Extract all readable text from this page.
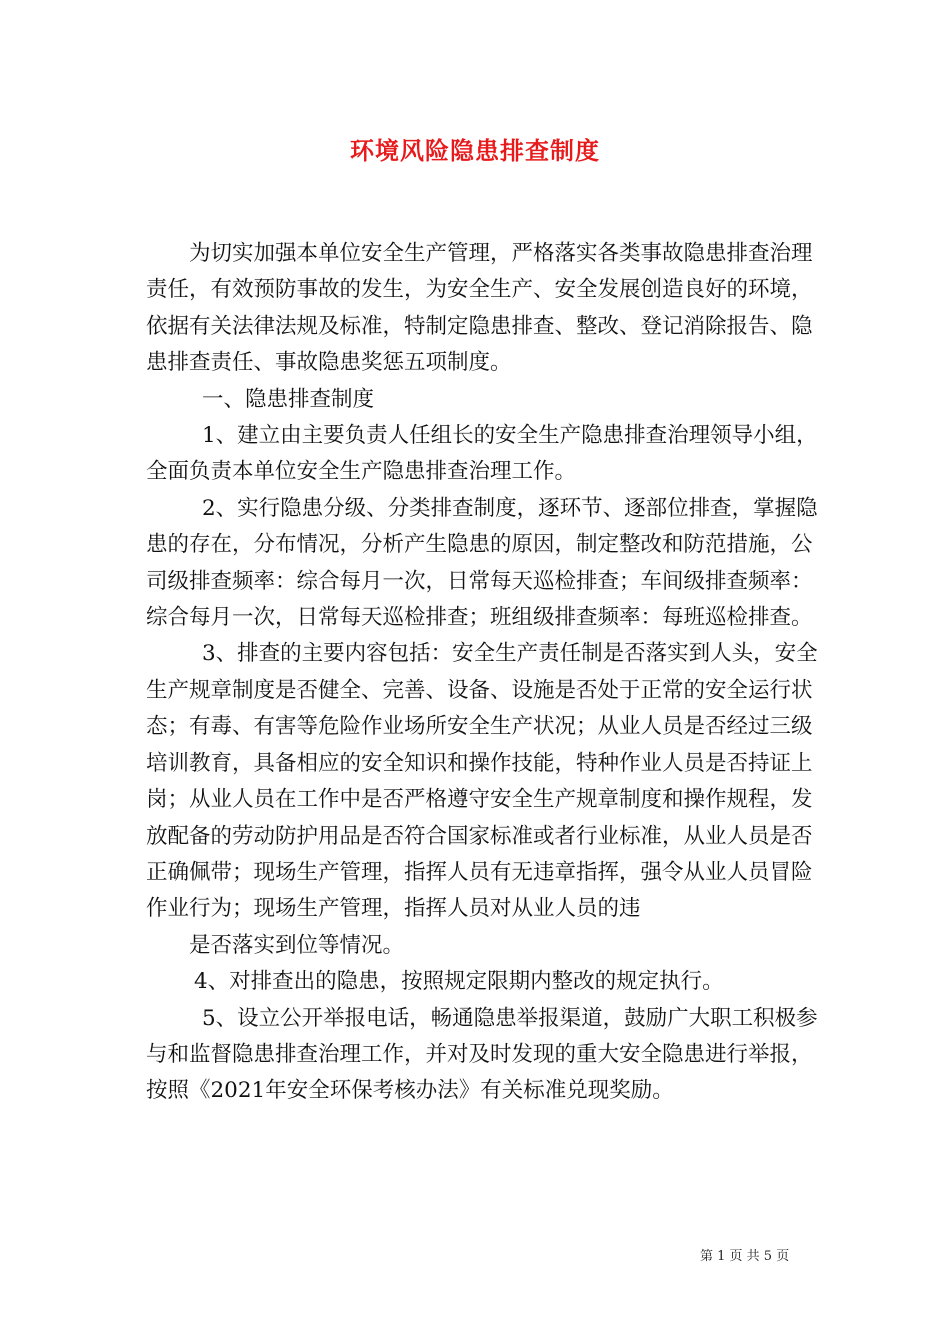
环境风险隐患排查制度

为切实加强本单位安全生产管理，严格落实各类事故隐患排查治理责任，有效预防事故的发生，为安全生产、安全发展创造良好的环境，依据有关法律法规及标准，特制定隐患排查、整改、登记消除报告、隐患排查责任、事故隐患奖惩五项制度。

一、隐患排查制度

1、建立由主要负责人任组长的安全生产隐患排查治理领导小组，全面负责本单位安全生产隐患排查治理工作。

2、实行隐患分级、分类排查制度，逐环节、逐部位排查，掌握隐患的存在，分布情况，分析产生隐患的原因，制定整改和防范措施，公司级排查频率：综合每月一次，日常每天巡检排查；车间级排查频率：综合每月一次，日常每天巡检排查；班组级排查频率：每班巡检排查。

3、排查的主要内容包括：安全生产责任制是否落实到人头，安全生产规章制度是否健全、完善、设备、设施是否处于正常的安全运行状态；有毒、有害等危险作业场所安全生产状况；从业人员是否经过三级培训教育，具备相应的安全知识和操作技能，特种作业人员是否持证上岗；从业人员在工作中是否严格遵守安全生产规章制度和操作规程，发放配备的劳动防护用品是否符合国家标准或者行业标准，从业人员是否正确佩带；现场生产管理，指挥人员有无违章指挥，强令从业人员冒险作业行为；现场生产管理，指挥人员对从业人员的违

是否落实到位等情况。

4、对排查出的隐患，按照规定限期内整改的规定执行。

5、设立公开举报电话，畅通隐患举报渠道，鼓励广大职工积极参与和监督隐患排查治理工作，并对及时发现的重大安全隐患进行举报，按照《2021年安全环保考核办法》有关标准兑现奖励。

第 1 页 共 5 页
